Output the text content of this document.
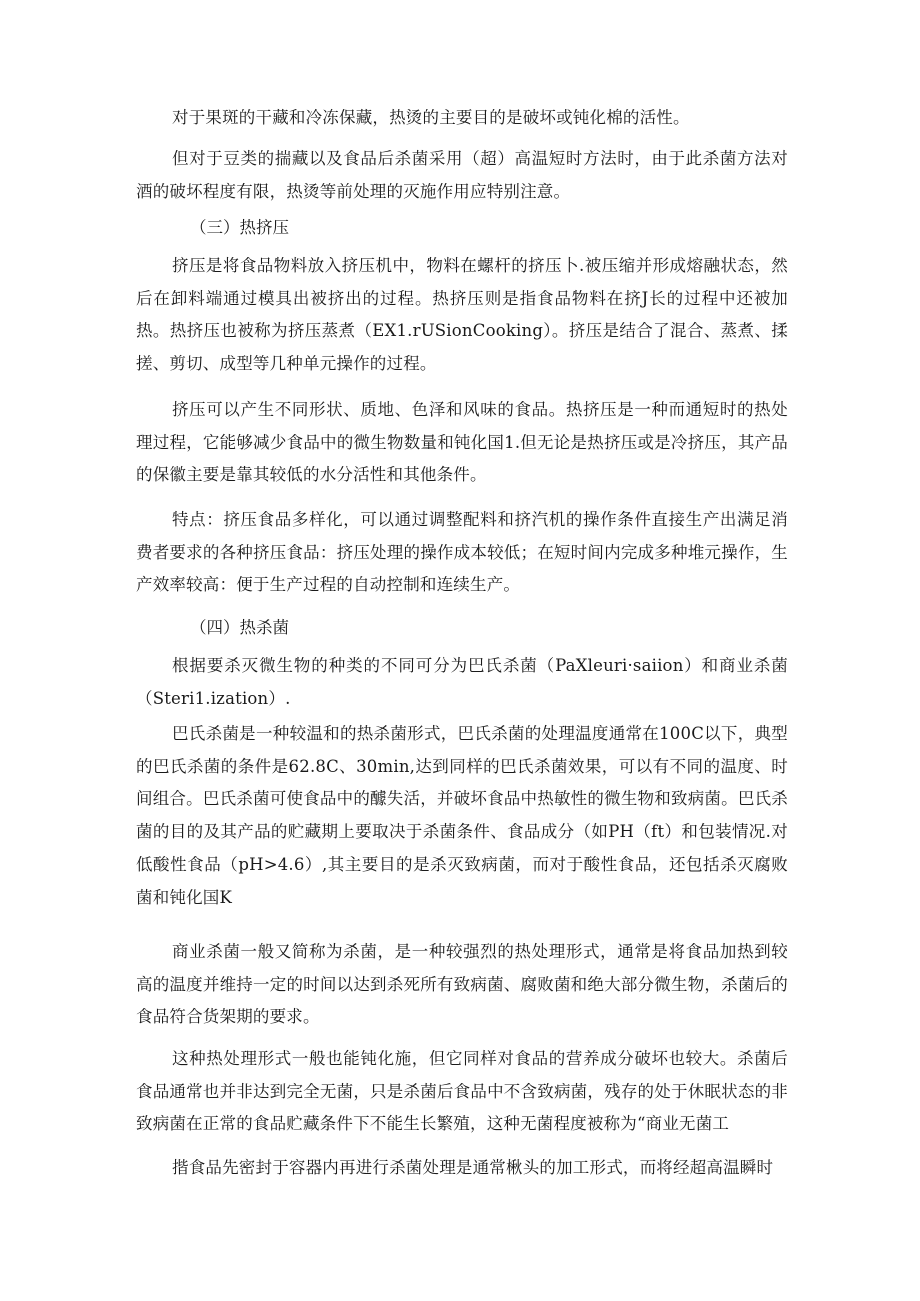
对于果斑的干藏和冷冻保藏，热烫的主要目的是破坏或钝化棉的活性。

但对于豆类的揣藏以及食品后杀菌采用（超）高温短时方法时，由于此杀菌方法对酒的破坏程度有限，热烫等前处理的灭施作用应特别注意。

（三）热挤压

挤压是将食品物料放入挤压机中，物料在螺杆的挤压卜.被压缩并形成熔融状态，然后在卸料端通过模具出被挤出的过程。热挤压则是指食品物料在挤J长的过程中还被加热。热挤压也被称为挤压蒸煮（EX1.rUSionCooking）。挤压是结合了混合、蒸煮、揉搓、剪切、成型等几种单元操作的过程。

挤压可以产生不同形状、质地、色泽和风味的食品。热挤压是一种而通短时的热处理过程，它能够减少食品中的微生物数量和钝化国1.但无论是热挤压或是冷挤压，其产品的保徽主要是靠其较低的水分活性和其他条件。

特点：挤压食品多样化，可以通过调整配料和挤汽机的操作条件直接生产出满足消费者要求的各种挤压食品：挤压处理的操作成本较低；在短时间内完成多种堆元操作，生产效率较高：便于生产过程的自动控制和连续生产。

（四）热杀菌

根据要杀灭微生物的种类的不同可分为巴氏杀菌（PaXleuri·saiion）和商业杀菌（Steri1.ization）.

巴氏杀菌是一种较温和的热杀菌形式，巴氏杀菌的处理温度通常在100C以下，典型的巴氏杀菌的条件是62.8C、30min,达到同样的巴氏杀菌效果，可以有不同的温度、时间组合。巴氏杀菌可使食品中的醵失活，并破坏食品中热敏性的微生物和致病菌。巴氏杀菌的目的及其产品的贮藏期上要取决于杀菌条件、食品成分（如PH（ft）和包装情况.对低酸性食品（pH>4.6）,其主要目的是杀灭致病菌，而对于酸性食品，还包括杀灭腐败菌和钝化国K

商业杀菌一般又简称为杀菌，是一种较强烈的热处理形式，通常是将食品加热到较高的温度并维持一定的时间以达到杀死所有致病菌、腐败菌和绝大部分微生物，杀菌后的食品符合货架期的要求。

这种热处理形式一般也能钝化施，但它同样对食品的营养成分破坏也较大。杀菌后食品通常也并非达到完全无菌，只是杀菌后食品中不含致病菌，残存的处于休眠状态的非致病菌在正常的食品贮藏条件下不能生长繁殖，这种无菌程度被称为“商业无菌工

揩食品先密封于容器内再进行杀菌处理是通常楸头的加工形式，而将经超高温瞬时
